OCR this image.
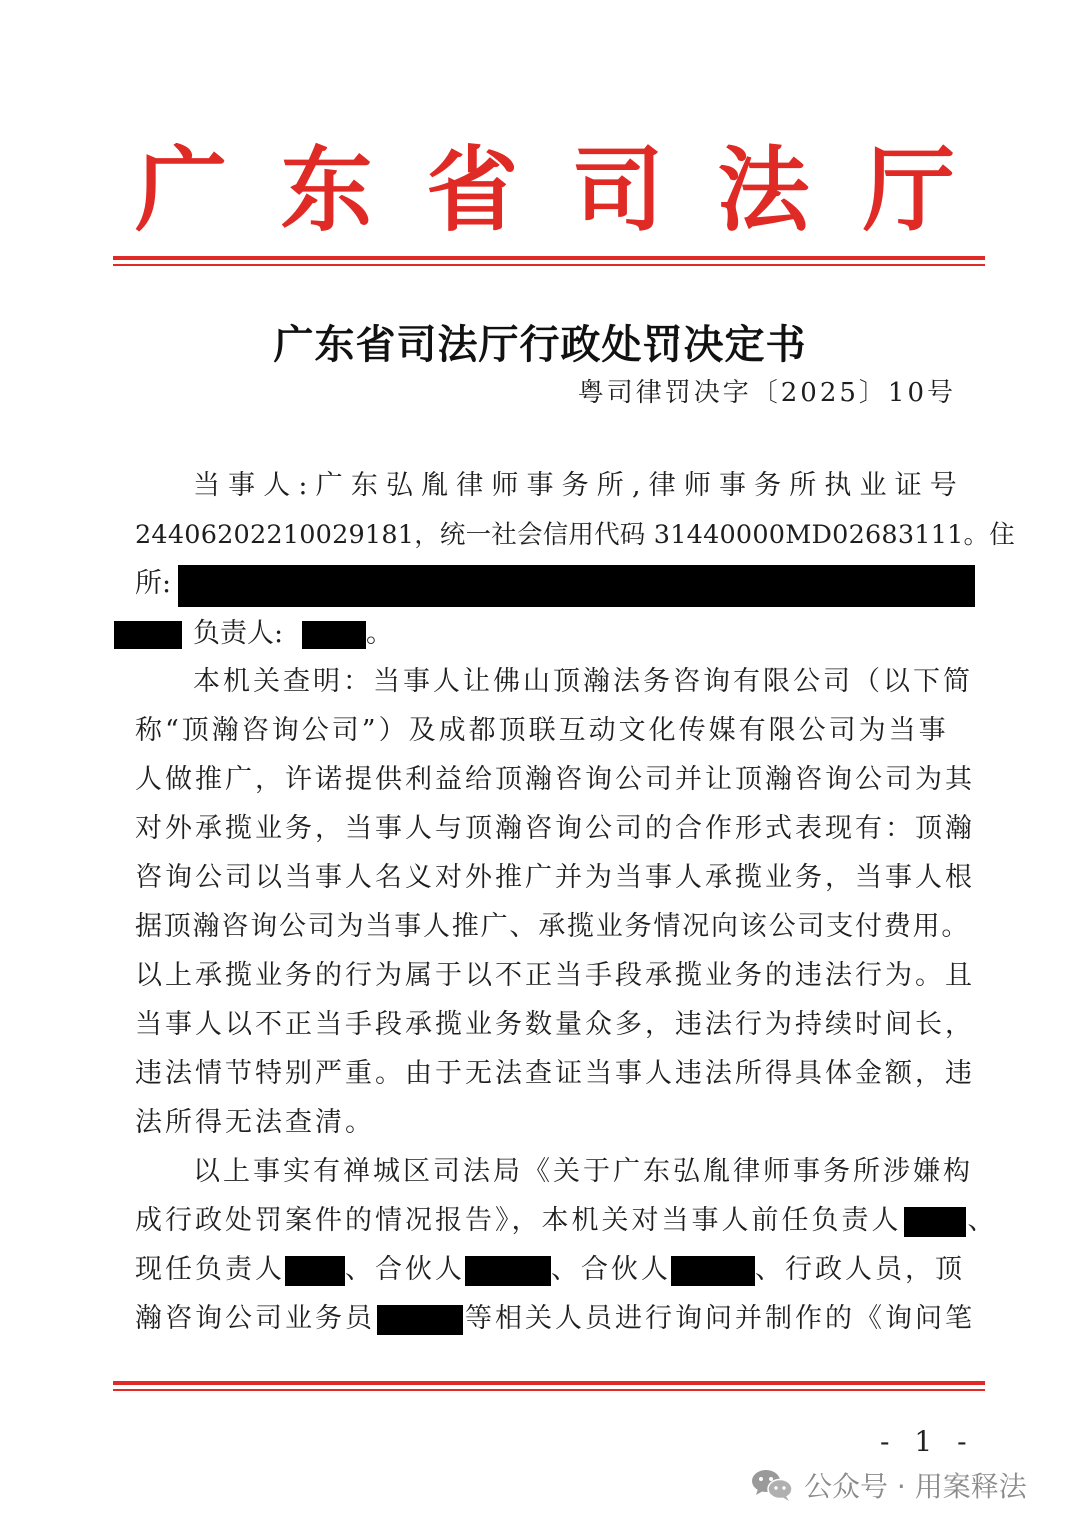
广 东 省 司 法 厅
广东省司法厅行政处罚决定书
粤司律罚决字〔2025〕10号
当 事 人 : 广 东 弘 胤 律 师 事 务 所 , 律 师 事 务 所 执 业 证 号
24406202210029181，统一社会信用代码 31440000MD02683111。住
所:
负责人:	。
本机关查明：当事人让佛山顶瀚法务咨询有限公司（以下简
称“顶瀚咨询公司”）及成都顶联互动文化传媒有限公司为当事
人做推广，许诺提供利益给顶瀚咨询公司并让顶瀚咨询公司为其
对外承揽业务，当事人与顶瀚咨询公司的合作形式表现有：顶瀚
咨询公司以当事人名义对外推广并为当事人承揽业务，当事人根
据顶瀚咨询公司为当事人推广、承揽业务情况向该公司支付费用。
以上承揽业务的行为属于以不正当手段承揽业务的违法行为。且
当事人以不正当手段承揽业务数量众多，违法行为持续时间长，
违法情节特别严重。由于无法查证当事人违法所得具体金额，违
法所得无法查清。
以上事实有禅城区司法局《关于广东弘胤律师事务所涉嫌构
成行政处罚案件的情况报告》，本机关对当事人前任负责人 、
现任负责人 、合伙人	、合伙人	、行政人员，顶
瀚咨询公司业务员	等相关人员进行询问并制作的《询问笔
- 1 -
公众号 · 用案释法
